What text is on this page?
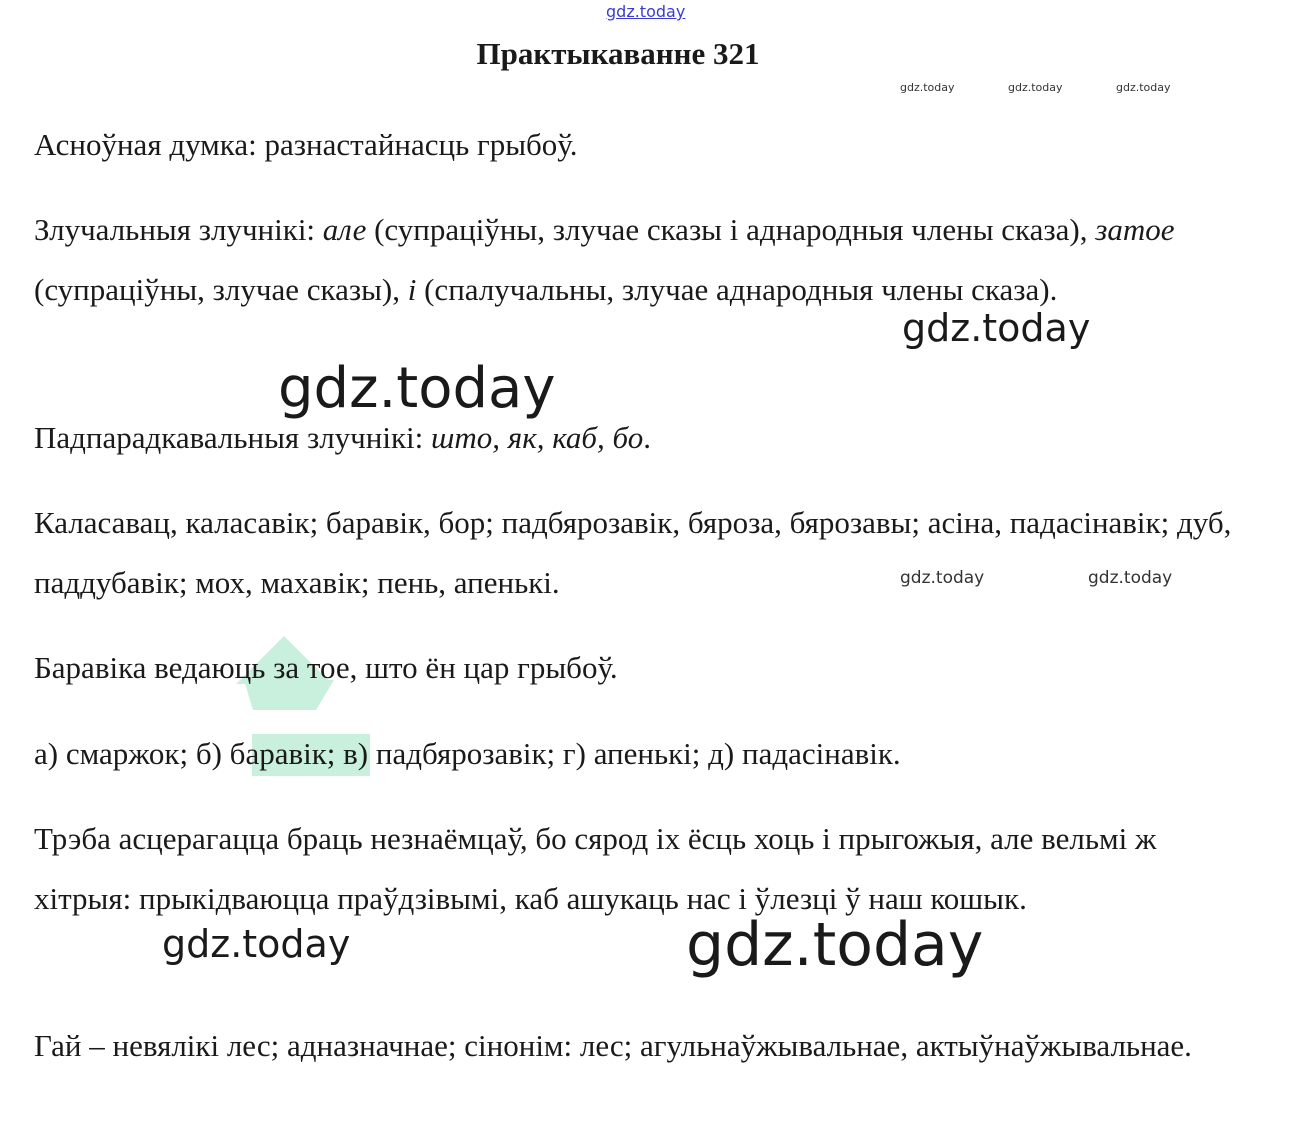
gdz.today
gdz.today	gdz.today	gdz.today
gdz.today
gdz.today
gdz.today	gdz.today
gdz.today	gdz.today
Практыкаванне 321

Асноўная думка: разнастайнасць грыбоў.

Злучальныя злучнікі: але (супраціўны, злучае сказы і аднародныя члены сказа), затое (супраціўны, злучае сказы), і (спалучальны, злучае аднародныя члены сказа).

Падпарадкавальныя злучнікі: што, як, каб, бо.

Каласавац, каласавік; баравік, бор; падбярозавік, бяроза, бярозавы; асіна, падасінавік; дуб, паддубавік; мох, махавік; пень, апенькі.

Баравіка ведаюць за тое, што ён цар грыбоў.

а) смаржок; б) баравік; в) падбярозавік; г) апенькі; д) падасінавік.

Трэба асцерагацца браць незнаёмцаў, бо сярод іх ёсць хоць і прыгожыя, але вельмі ж хітрыя: прыкідваюцца праўдзівымі, каб ашукаць нас і ўлезці ў наш кошык.

Гай – невялікі лес; адназначнае; сінонім: лес; агульнаўжывальнае, актыўнаўжывальнае.
